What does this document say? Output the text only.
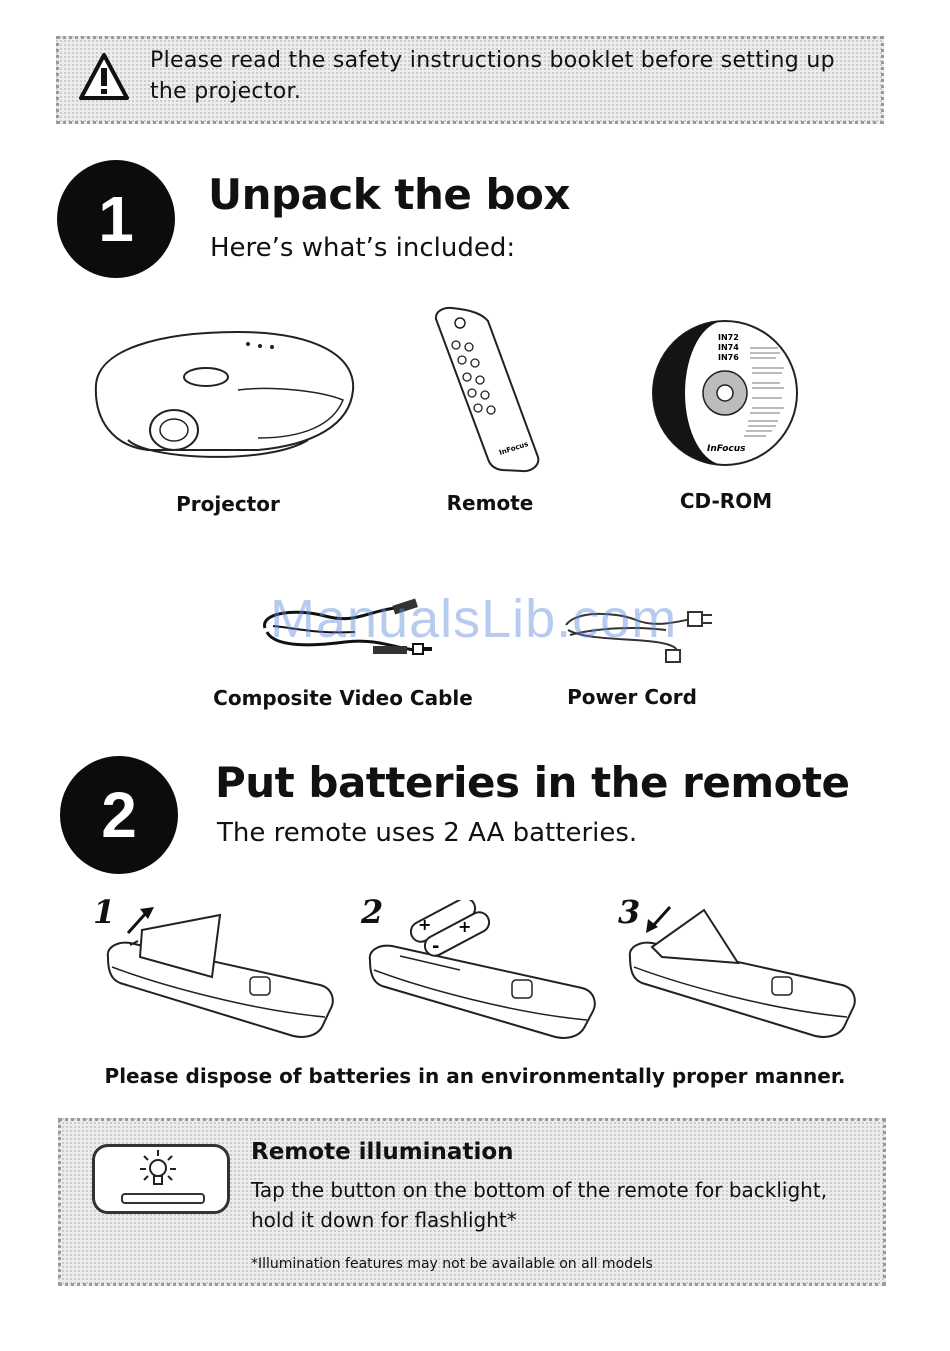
Please read the safety instructions booklet before setting up
the projector.
1	Unpack the box
Here’s what’s included:
Projector
InFocus
Remote
IN72
IN74
IN76
InFocus
CD-ROM
Composite Video Cable	Power Cord
ManualsLib.com
2	Put batteries in the remote
The remote uses 2 AA batteries.
1	2 + +
-
3
Please dispose of batteries in an environmentally proper manner.
Remote illumination
Tap the button on the bottom of the remote for backlight,
hold it down for flashlight*
*Illumination features may not be available on all models
